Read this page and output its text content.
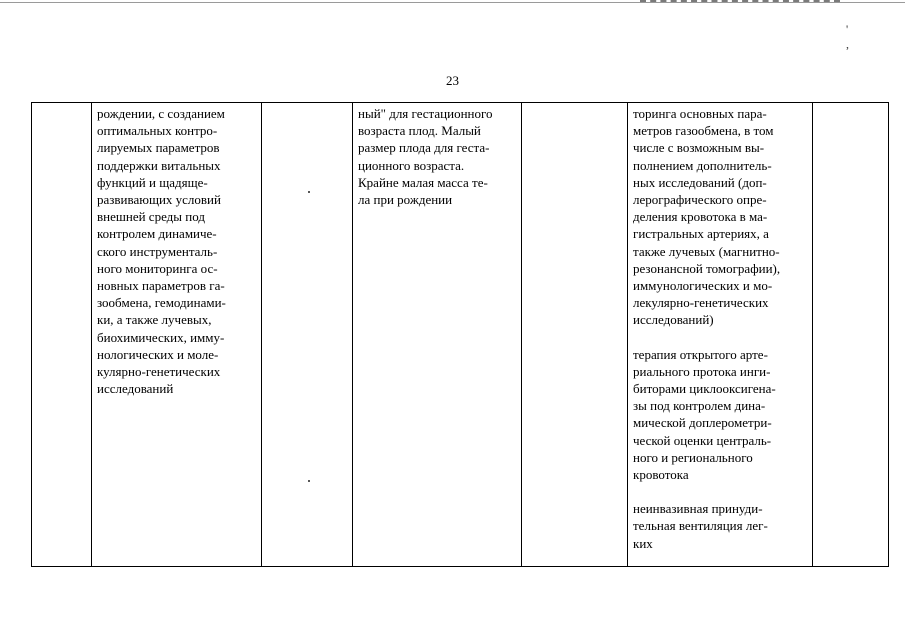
' ,
23

рождении, с созданием

оптимальных контро-

лируемых параметров

поддержки витальных

функций и щадяще-

развивающих условий

внешней среды под

контролем динамиче-

ского инструменталь-

ного мониторинга ос-

новных параметров га-

зообмена, гемодинами-

ки, а также лучевых,

биохимических, имму-

нологических и моле-

кулярно-генетических

исследований

ный" для гестационного

возраста плод. Малый

размер плода для геста-

ционного возраста.

Крайне малая масса те-

ла при рождении

торинга основных пара-

метров газообмена, в том

числе с возможным вы-

полнением дополнитель-

ных исследований (доп-

лерографического опре-

деления кровотока в ма-

гистральных артериях, а

также лучевых (магнитно-

резонансной томографии),

иммунологических и мо-

лекулярно-генетических

исследований)

терапия открытого арте-

риального протока инги-

биторами циклооксигена-

зы под контролем дина-

мической доплерометри-

ческой оценки централь-

ного и регионального

кровотока

неинвазивная принуди-

тельная вентиляция лег-

ких
